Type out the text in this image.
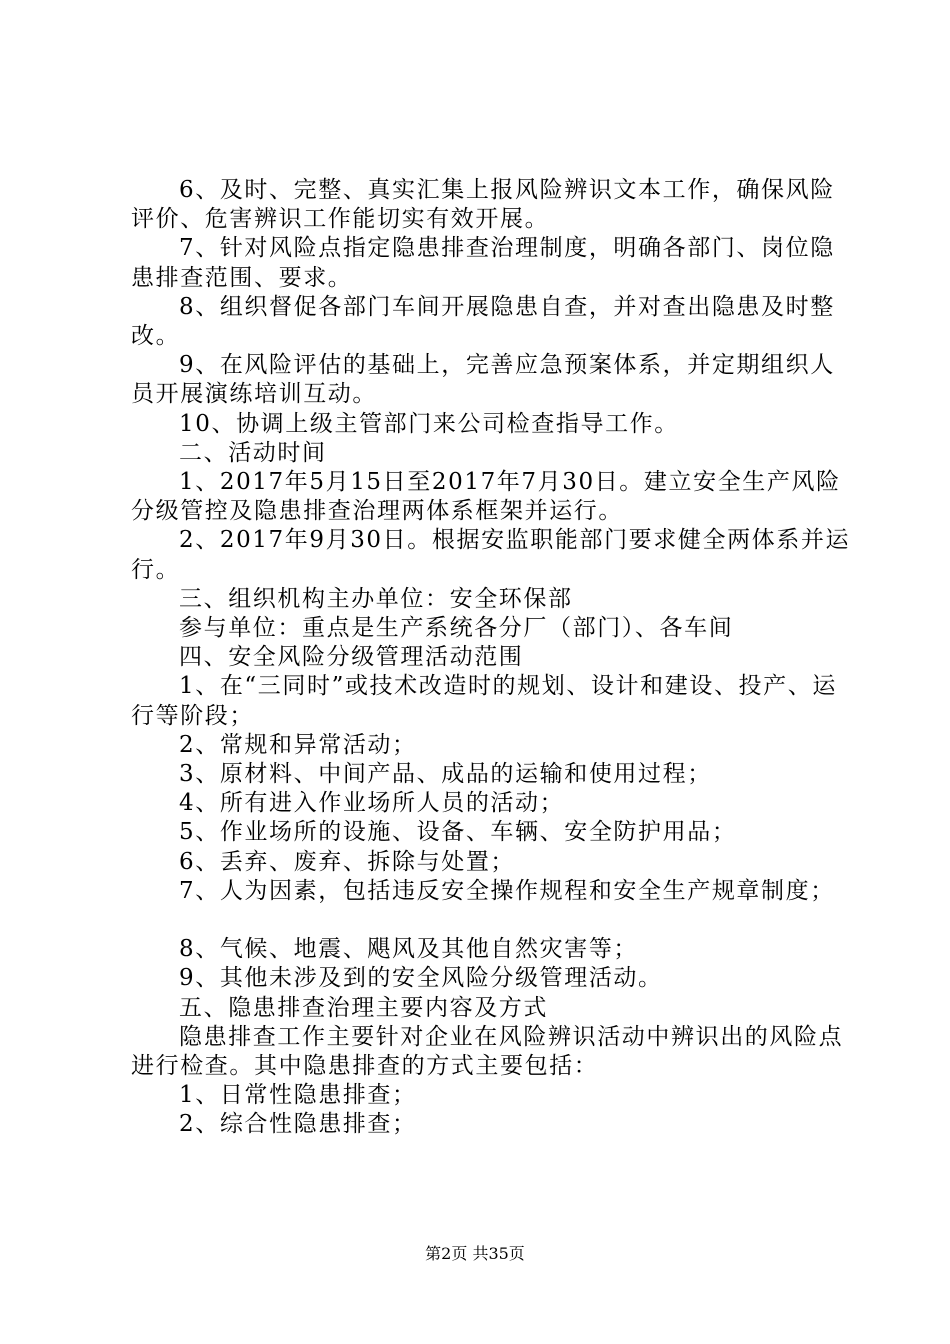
6、及时、完整、真实汇集上报风险辨识文本工作，确保风险评价、危害辨识工作能切实有效开展。

7、针对风险点指定隐患排查治理制度，明确各部门、岗位隐患排查范围、要求。

8、组织督促各部门车间开展隐患自查，并对查出隐患及时整改。

9、在风险评估的基础上，完善应急预案体系，并定期组织人员开展演练培训互动。

10、协调上级主管部门来公司检查指导工作。

二、活动时间

1、2017年5月15日至2017年7月30日。建立安全生产风险分级管控及隐患排查治理两体系框架并运行。

2、2017年9月30日。根据安监职能部门要求健全两体系并运行。

三、组织机构主办单位：安全环保部

参与单位：重点是生产系统各分厂（部门）、各车间

四、安全风险分级管理活动范围

1、在“三同时”或技术改造时的规划、设计和建设、投产、运行等阶段；

2、常规和异常活动；

3、原材料、中间产品、成品的运输和使用过程；

4、所有进入作业场所人员的活动；

5、作业场所的设施、设备、车辆、安全防护用品；

6、丢弃、废弃、拆除与处置；

7、人为因素，包括违反安全操作规程和安全生产规章制度；

8、气候、地震、飓风及其他自然灾害等；

9、其他未涉及到的安全风险分级管理活动。

五、隐患排查治理主要内容及方式

隐患排查工作主要针对企业在风险辨识活动中辨识出的风险点进行检查。其中隐患排查的方式主要包括：

1、日常性隐患排查；

2、综合性隐患排查；

第2页 共35页
